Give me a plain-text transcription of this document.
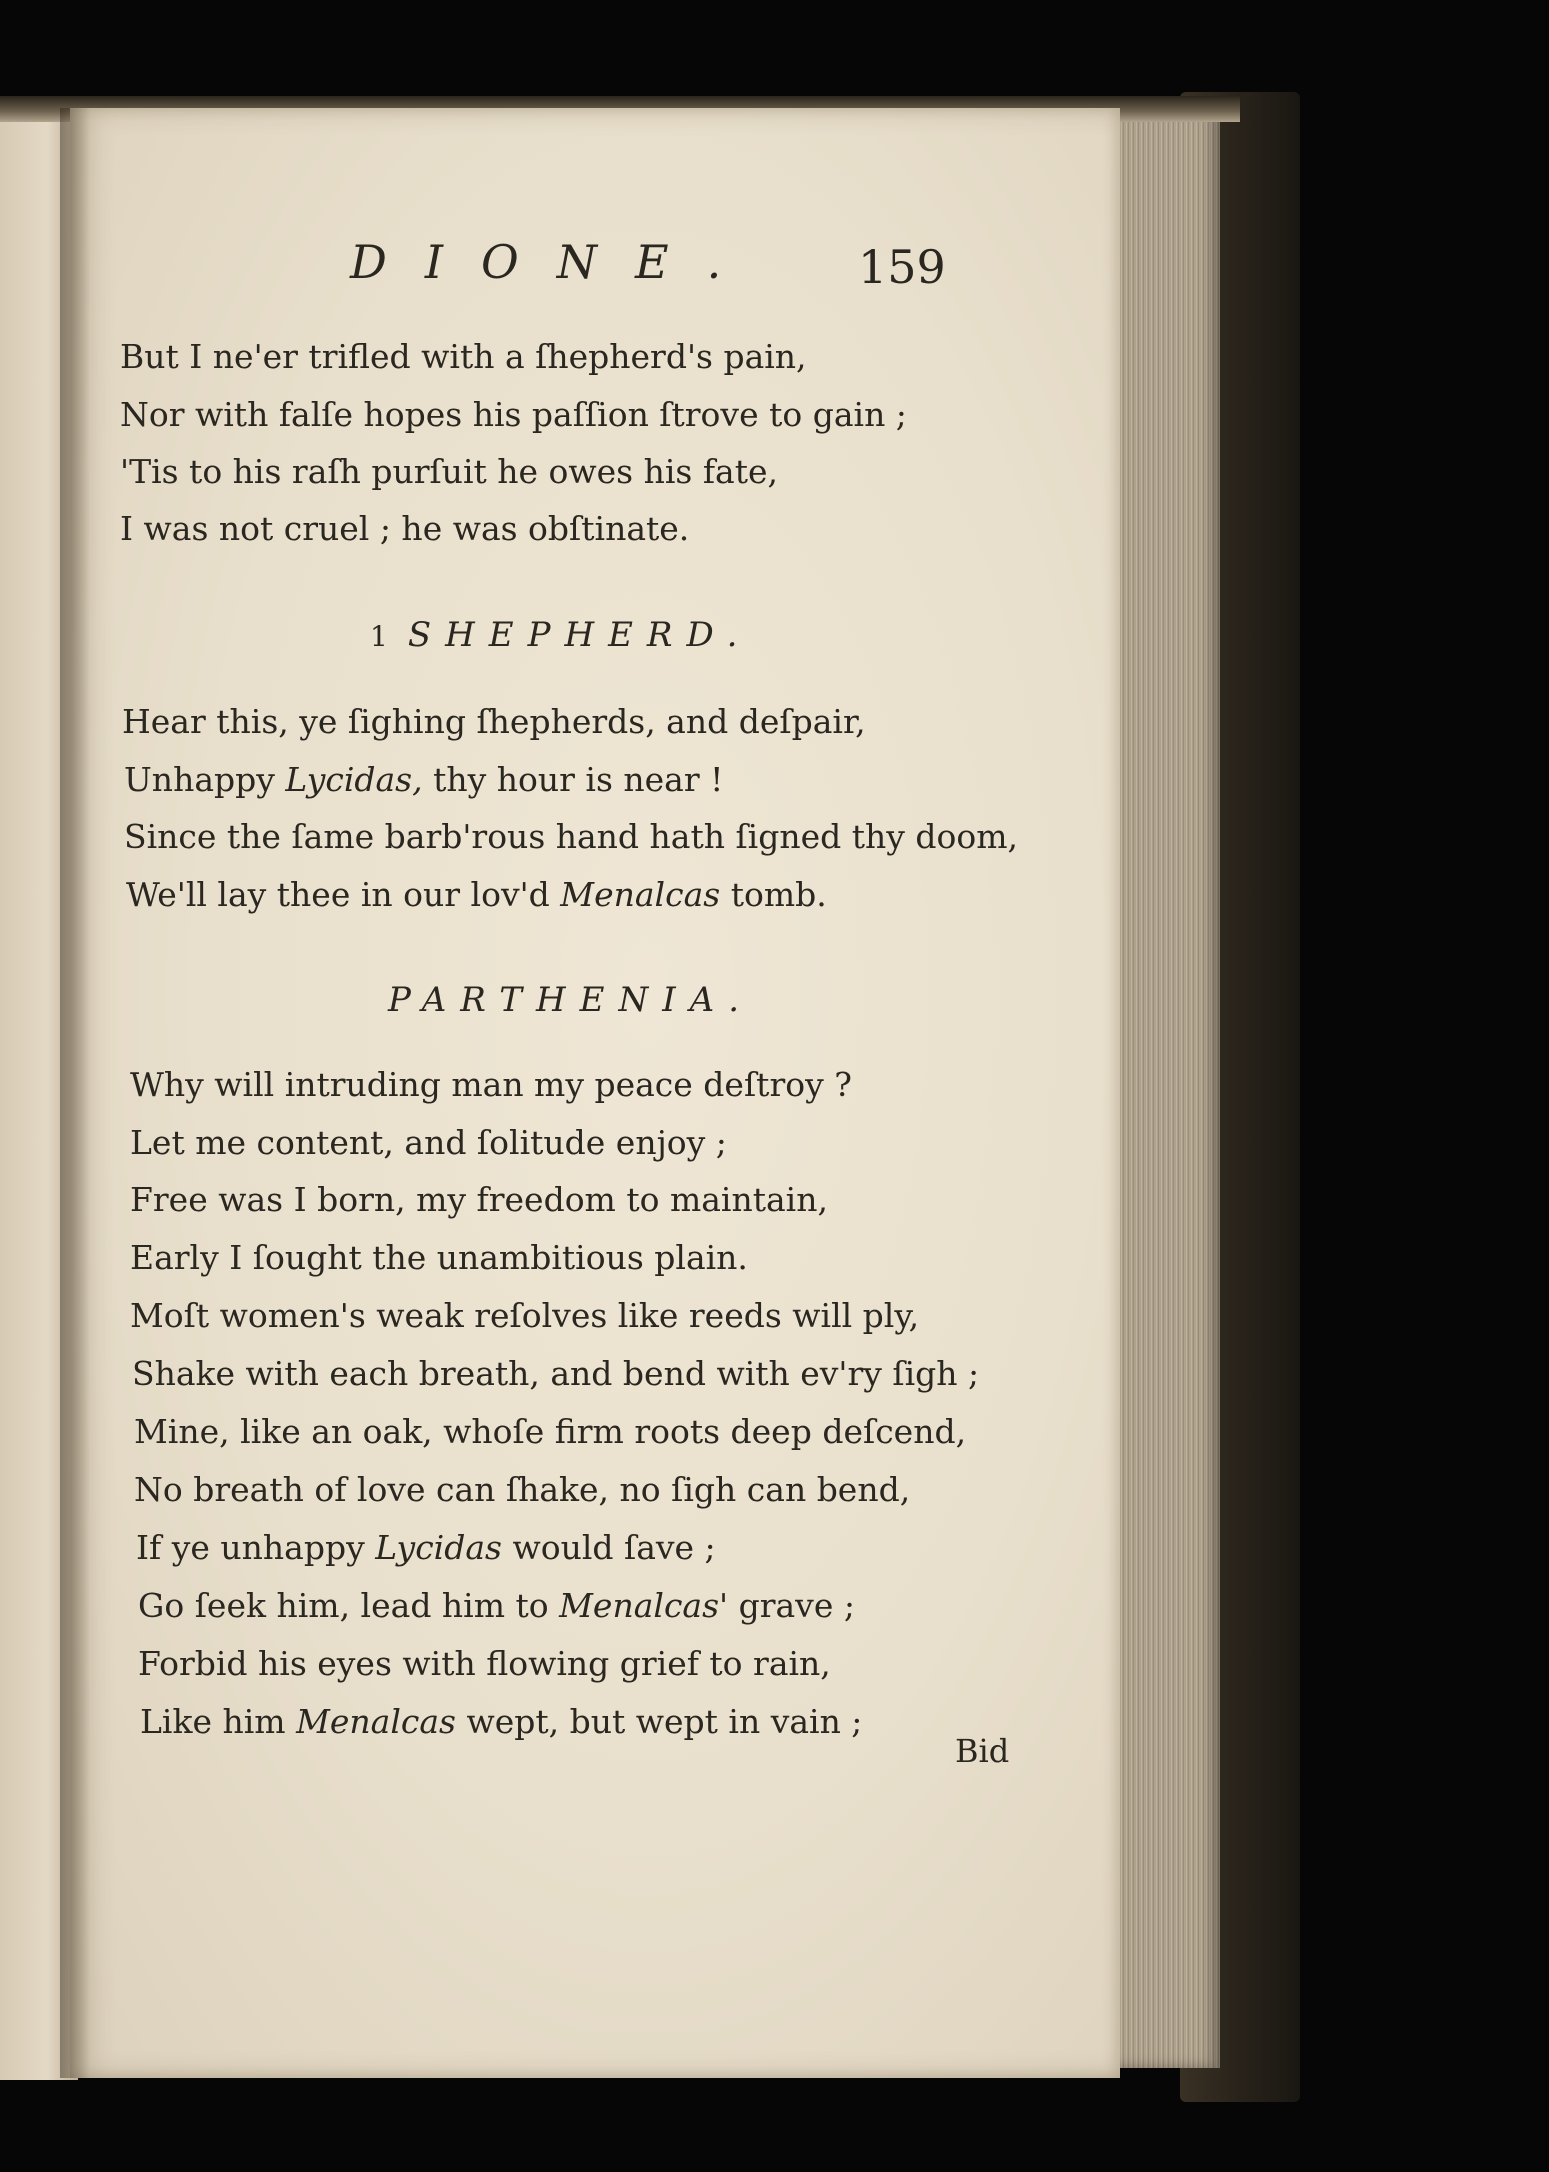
DIONE. 159
But I ne'er trifled with a ſhepherd's pain,
Nor with falſe hopes his paſſion ſtrove to gain ;
'Tis to his raſh purſuit he owes his fate,
I was not cruel ; he was obſtinate.
1 SHEPHERD.
Hear this, ye ſighing ſhepherds, and deſpair,
Unhappy Lycidas, thy hour is near !
Since the ſame barb'rous hand hath ſigned thy doom,
We'll lay thee in our lov'd Menalcas tomb.
PARTHENIA.
Why will intruding man my peace deſtroy ?
Let me content, and ſolitude enjoy ;
Free was I born, my freedom to maintain,
Early I ſought the unambitious plain.
Moſt women's weak reſolves like reeds will ply,
Shake with each breath, and bend with ev'ry ſigh ;
Mine, like an oak, whoſe firm roots deep deſcend,
No breath of love can ſhake, no ſigh can bend,
If ye unhappy Lycidas would ſave ;
Go ſeek him, lead him to Menalcas' grave ;
Forbid his eyes with flowing grief to rain,
Like him Menalcas wept, but wept in vain ;
Bid
